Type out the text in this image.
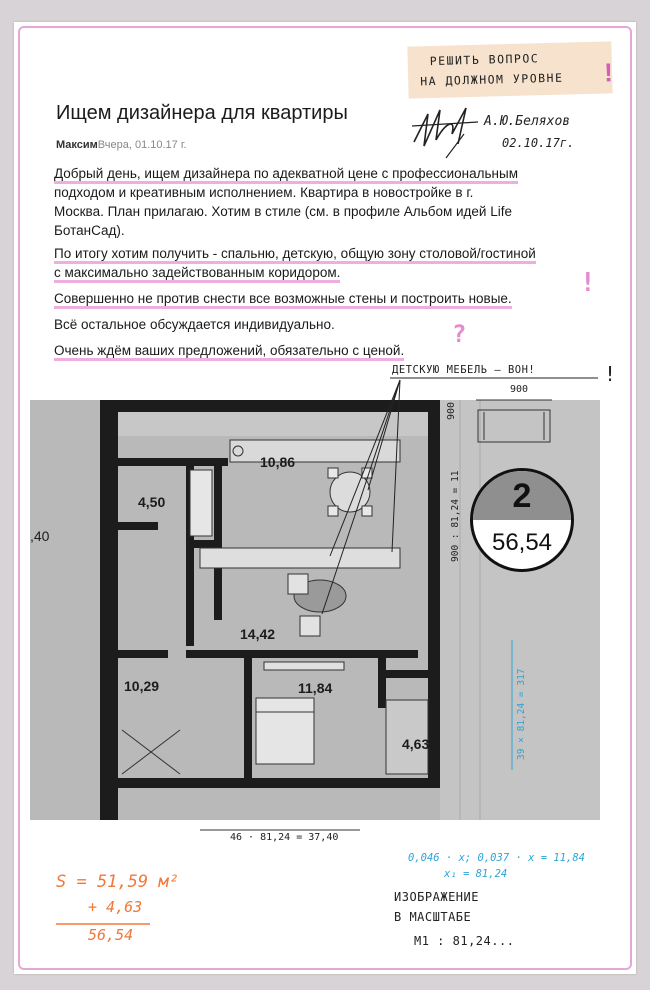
РЕШИТЬ ВОПРОС
НА ДОЛЖНОМ УРОВНЕ !
Ищем дизайнера для квартиры
МаксимВчера, 01.10.17 г.
А.Ю.Беляхов
02.10.17г.
Добрый день, ищем дизайнера по адекватной цене с профессиональным
подходом и креативным исполнением. Квартира в новостройке в г.
Москва. План прилагаю. Хотим в стиле (см. в профиле Альбом идей Life
БотанСад).
По итогу хотим получить - спальню, детскую, общую зону столовой/гостиной
с максимально задействованным коридором.
Совершенно не против снести все возможные стены и построить новые.
Всё остальное обсуждается индивидуально.
Очень ждём ваших предложений, обязательно с ценой.
!
?
ДЕТСКУЮ МЕБЕЛЬ — ВОН!	!
10,86
4,50
,40
14,42
10,29	11,84
4,63
2
56,54
900
900
900 : 81,24 = 11
39 × 81,24 = 317
46 · 81,24 = 37,40
S = 51,59 м²
+ 4,63
56,54
0,046 · x; 0,037 · x = 11,84
x₁ = 81,24
ИЗОБРАЖЕНИЕ
В МАСШТАБЕ
М1 : 81,24...
